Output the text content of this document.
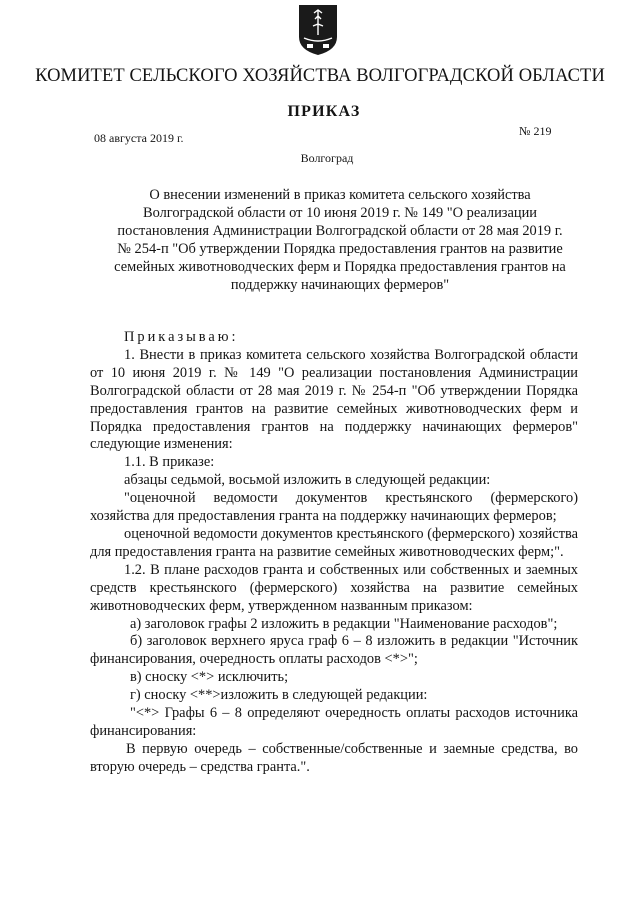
КОМИТЕТ СЕЛЬСКОГО ХОЗЯЙСТВА ВОЛГОГРАДСКОЙ ОБЛАСТИ
ПРИКАЗ
08 августа 2019 г.	№ 219
Волгоград
О внесении изменений в приказ комитета сельского хозяйства
Волгоградской области от 10 июня 2019 г. № 149 "О реализации
постановления Администрации Волгоградской области от 28 мая 2019 г.
№ 254-п "Об утверждении Порядка предоставления грантов на развитие
семейных животноводческих ферм и Порядка предоставления грантов на
поддержку начинающих фермеров"

Приказываю:

1. Внести в приказ комитета сельского хозяйства Волгоградской области от 10 июня 2019 г. № 149 "О реализации постановления Администрации Волгоградской области от 28 мая 2019 г. № 254-п "Об утверждении Порядка предоставления грантов на развитие семейных животноводческих ферм и Порядка предоставления грантов на поддержку начинающих фермеров" следующие изменения:

1.1. В приказе:

абзацы седьмой, восьмой изложить в следующей редакции:

"оценочной ведомости документов крестьянского (фермерского) хозяйства для предоставления гранта на поддержку начинающих фермеров;

оценочной ведомости документов крестьянского (фермерского) хозяйства для предоставления гранта на развитие семейных животноводческих ферм;".

1.2. В плане расходов гранта и собственных или собственных и заемных средств крестьянского (фермерского) хозяйства на развитие семейных животноводческих ферм, утвержденном названным приказом:

а) заголовок графы 2 изложить в редакции "Наименование расходов";

б) заголовок верхнего яруса граф 6 – 8 изложить в редакции "Источник финансирования, очередность оплаты расходов <*>";

в) сноску <*> исключить;

г) сноску <**>изложить в следующей редакции:

"<*> Графы 6 – 8 определяют очередность оплаты расходов источника финансирования:

В первую очередь – собственные/собственные и заемные средства, во вторую очередь – средства гранта.".
